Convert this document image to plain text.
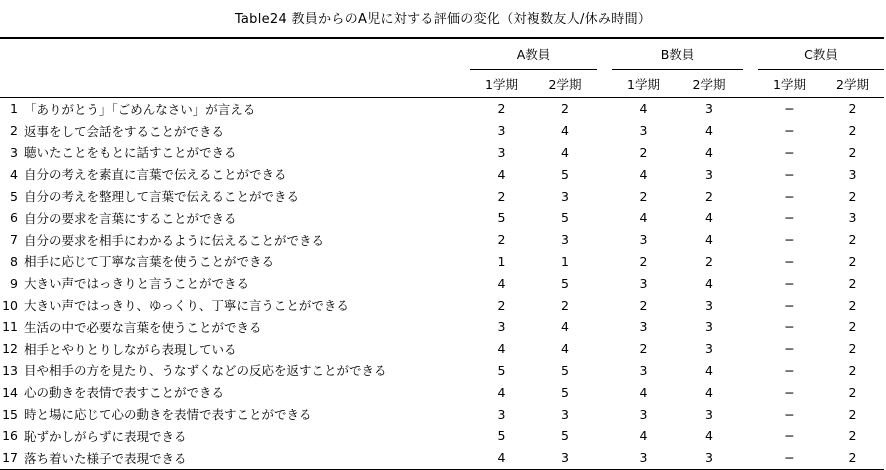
Table24 教員からのA児に対する評価の変化（対複数友人/休み時間）
		A教員			B教員			C教員	
		1学期	2学期		1学期	2学期		1学期	2学期
1	「ありがとう」「ごめんなさい」が言える	2	2		4	3		−	2
2	返事をして会話をすることができる	3	4		3	4		−	2
3	聴いたことをもとに話すことができる	3	4		2	4		−	2
4	自分の考えを素直に言葉で伝えることができる	4	5		4	3		−	3
5	自分の考えを整理して言葉で伝えることができる	2	3		2	2		−	2
6	自分の要求を言葉にすることができる	5	5		4	4		−	3
7	自分の要求を相手にわかるように伝えることができる	2	3		3	4		−	2
8	相手に応じて丁寧な言葉を使うことができる	1	1		2	2		−	2
9	大きい声ではっきりと言うことができる	4	5		3	4		−	2
10	大きい声ではっきり、ゆっくり、丁寧に言うことができる	2	2		2	3		−	2
11	生活の中で必要な言葉を使うことができる	3	4		3	3		−	2
12	相手とやりとりしながら表現している	4	4		2	3		−	2
13	目や相手の方を見たり、うなずくなどの反応を返すことができる	5	5		3	4		−	2
14	心の動きを表情で表すことができる	4	5		4	4		−	2
15	時と場に応じて心の動きを表情で表すことができる	3	3		3	3		−	2
16	恥ずかしがらずに表現できる	5	5		4	4		−	2
17	落ち着いた様子で表現できる	4	3		3	3		−	2
